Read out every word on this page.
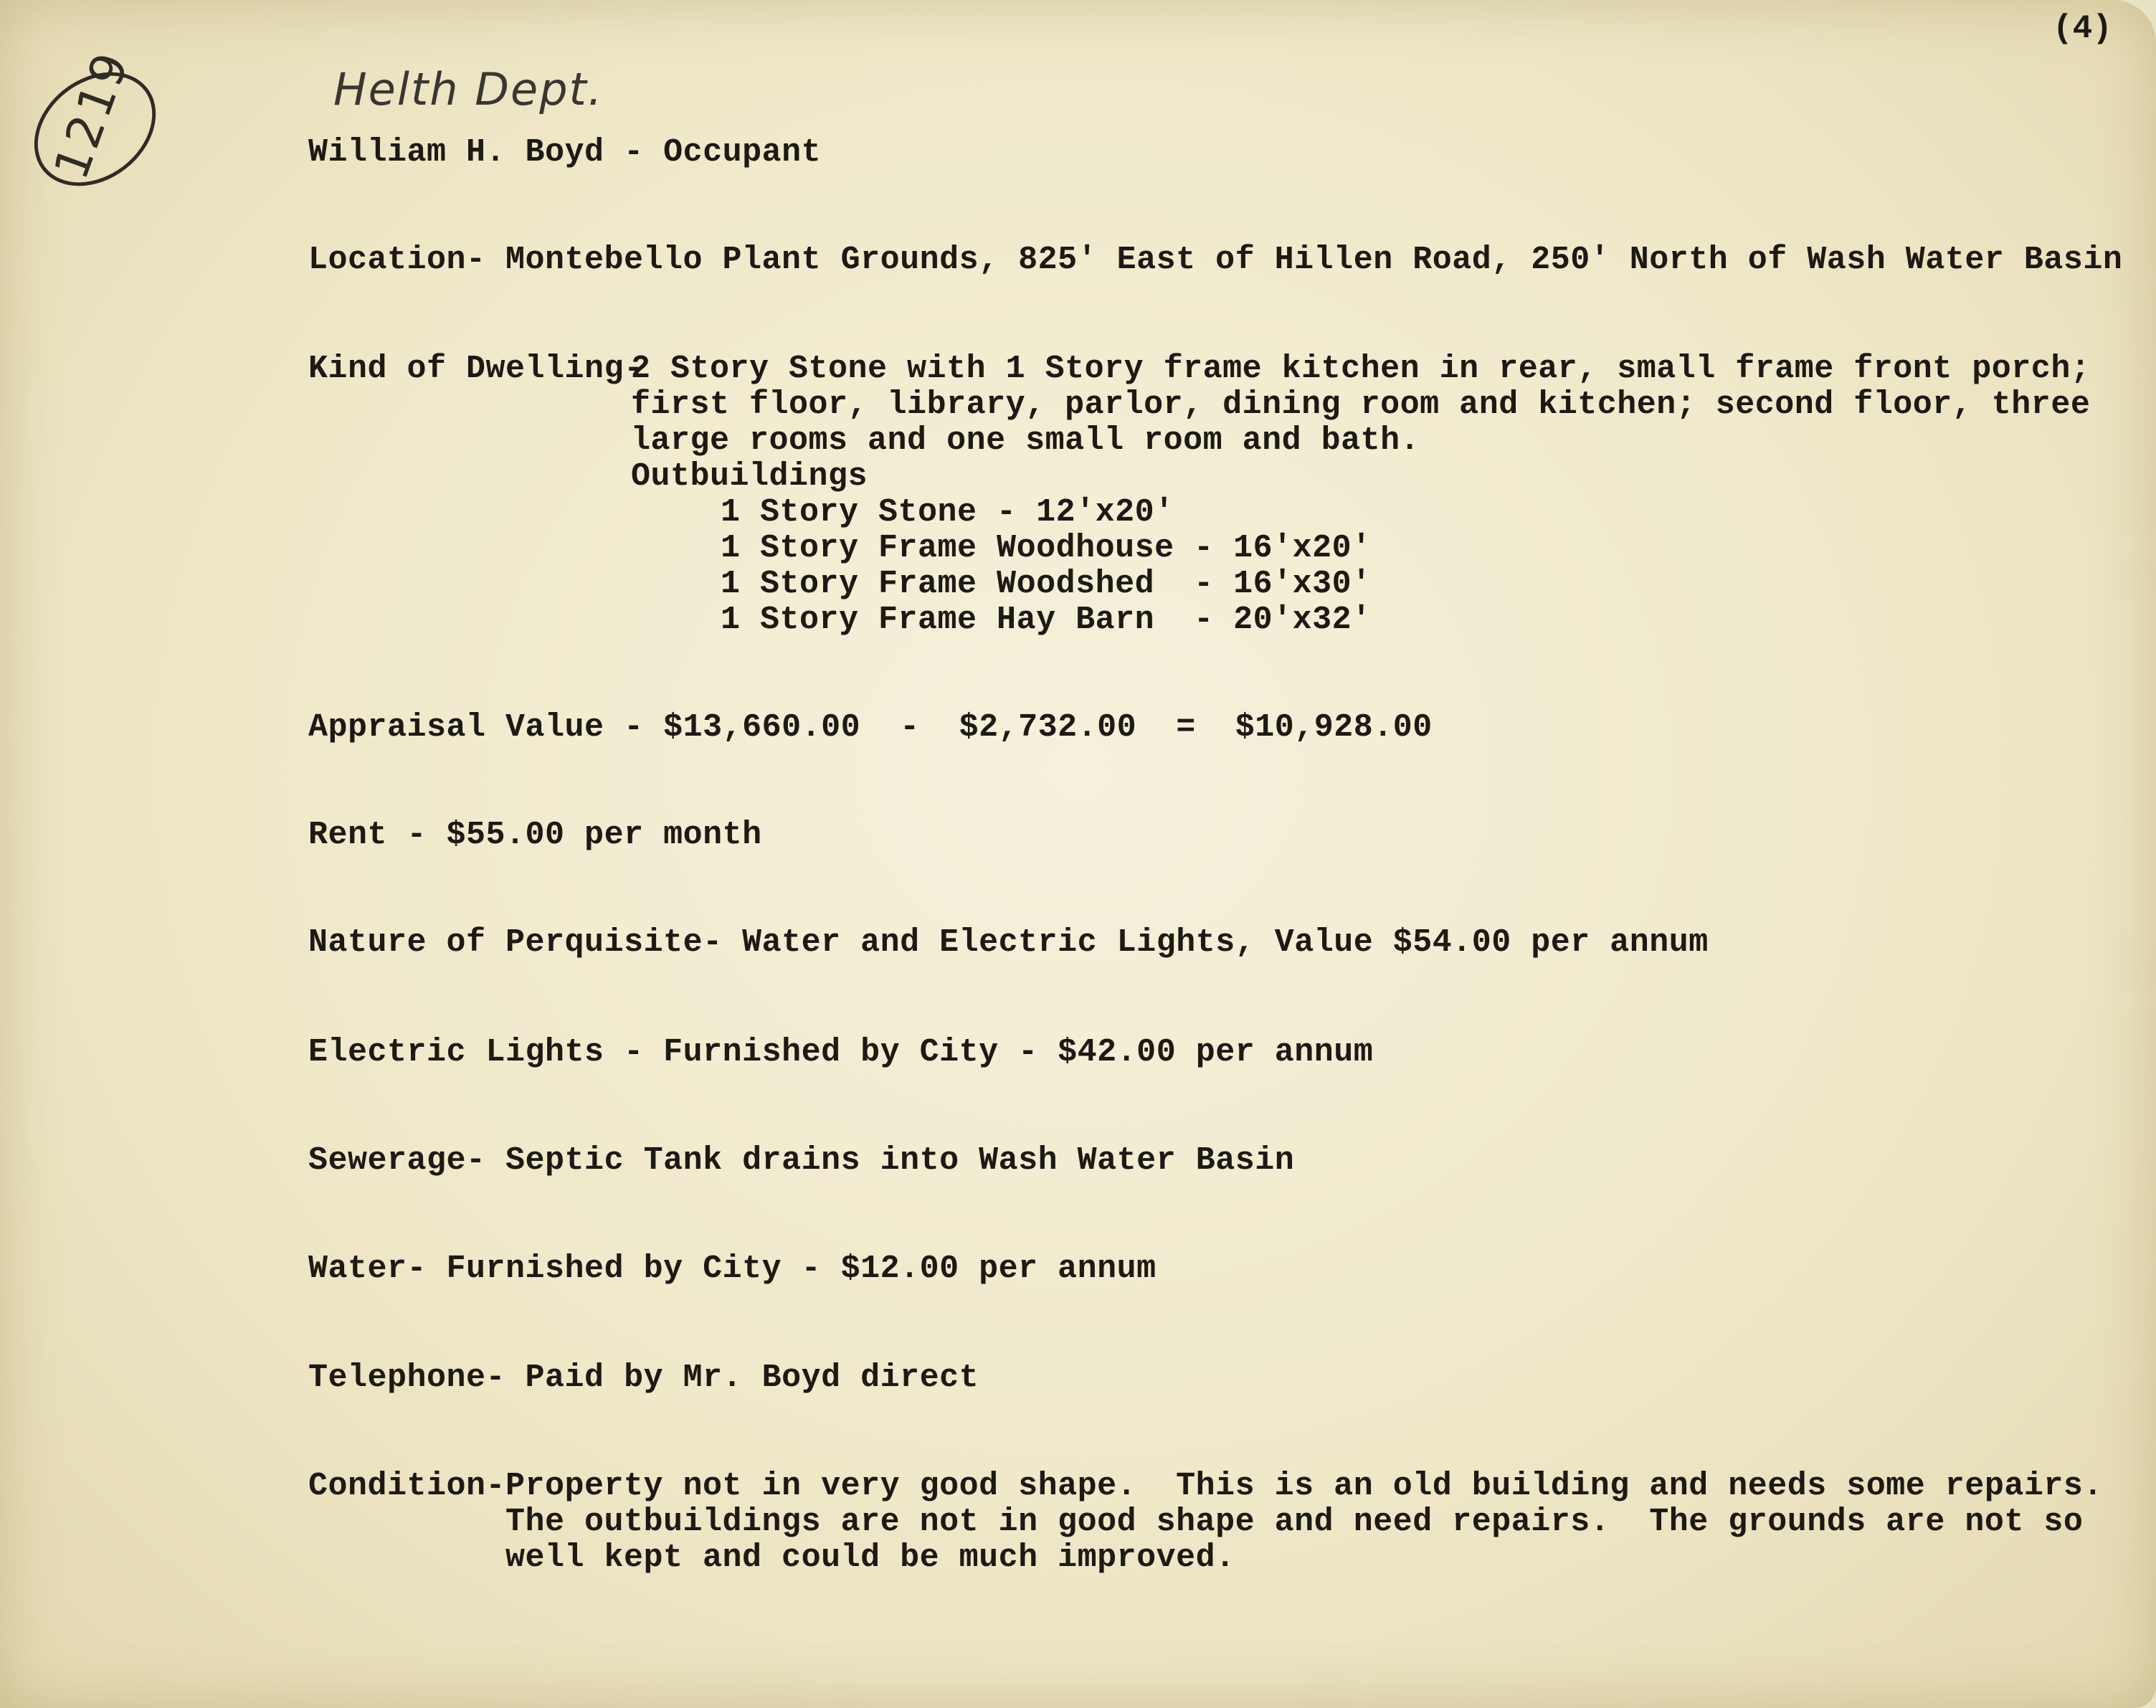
(4)
1219	Helth Dept.
William H. Boyd - Occupant
Location- Montebello Plant Grounds, 825' East of Hillen Road, 250' North of Wash Water Basin
Kind of Dwelling-
2 Story Stone with 1 Story frame kitchen in rear, small frame front porch;
first floor, library, parlor, dining room and kitchen; second floor, three
large rooms and one small room and bath.
Outbuildings
1 Story Stone - 12'x20'
1 Story Frame Woodhouse - 16'x20'
1 Story Frame Woodshed  - 16'x30'
1 Story Frame Hay Barn  - 20'x32'
Appraisal Value - $13,660.00  -  $2,732.00  =  $10,928.00
Rent - $55.00 per month
Nature of Perquisite- Water and Electric Lights, Value $54.00 per annum
Electric Lights - Furnished by City - $42.00 per annum
Sewerage- Septic Tank drains into Wash Water Basin
Water- Furnished by City - $12.00 per annum
Telephone- Paid by Mr. Boyd direct
Condition- Property not in very good shape.  This is an old building and needs some repairs.
The outbuildings are not in good shape and need repairs.  The grounds are not so
well kept and could be much improved.
